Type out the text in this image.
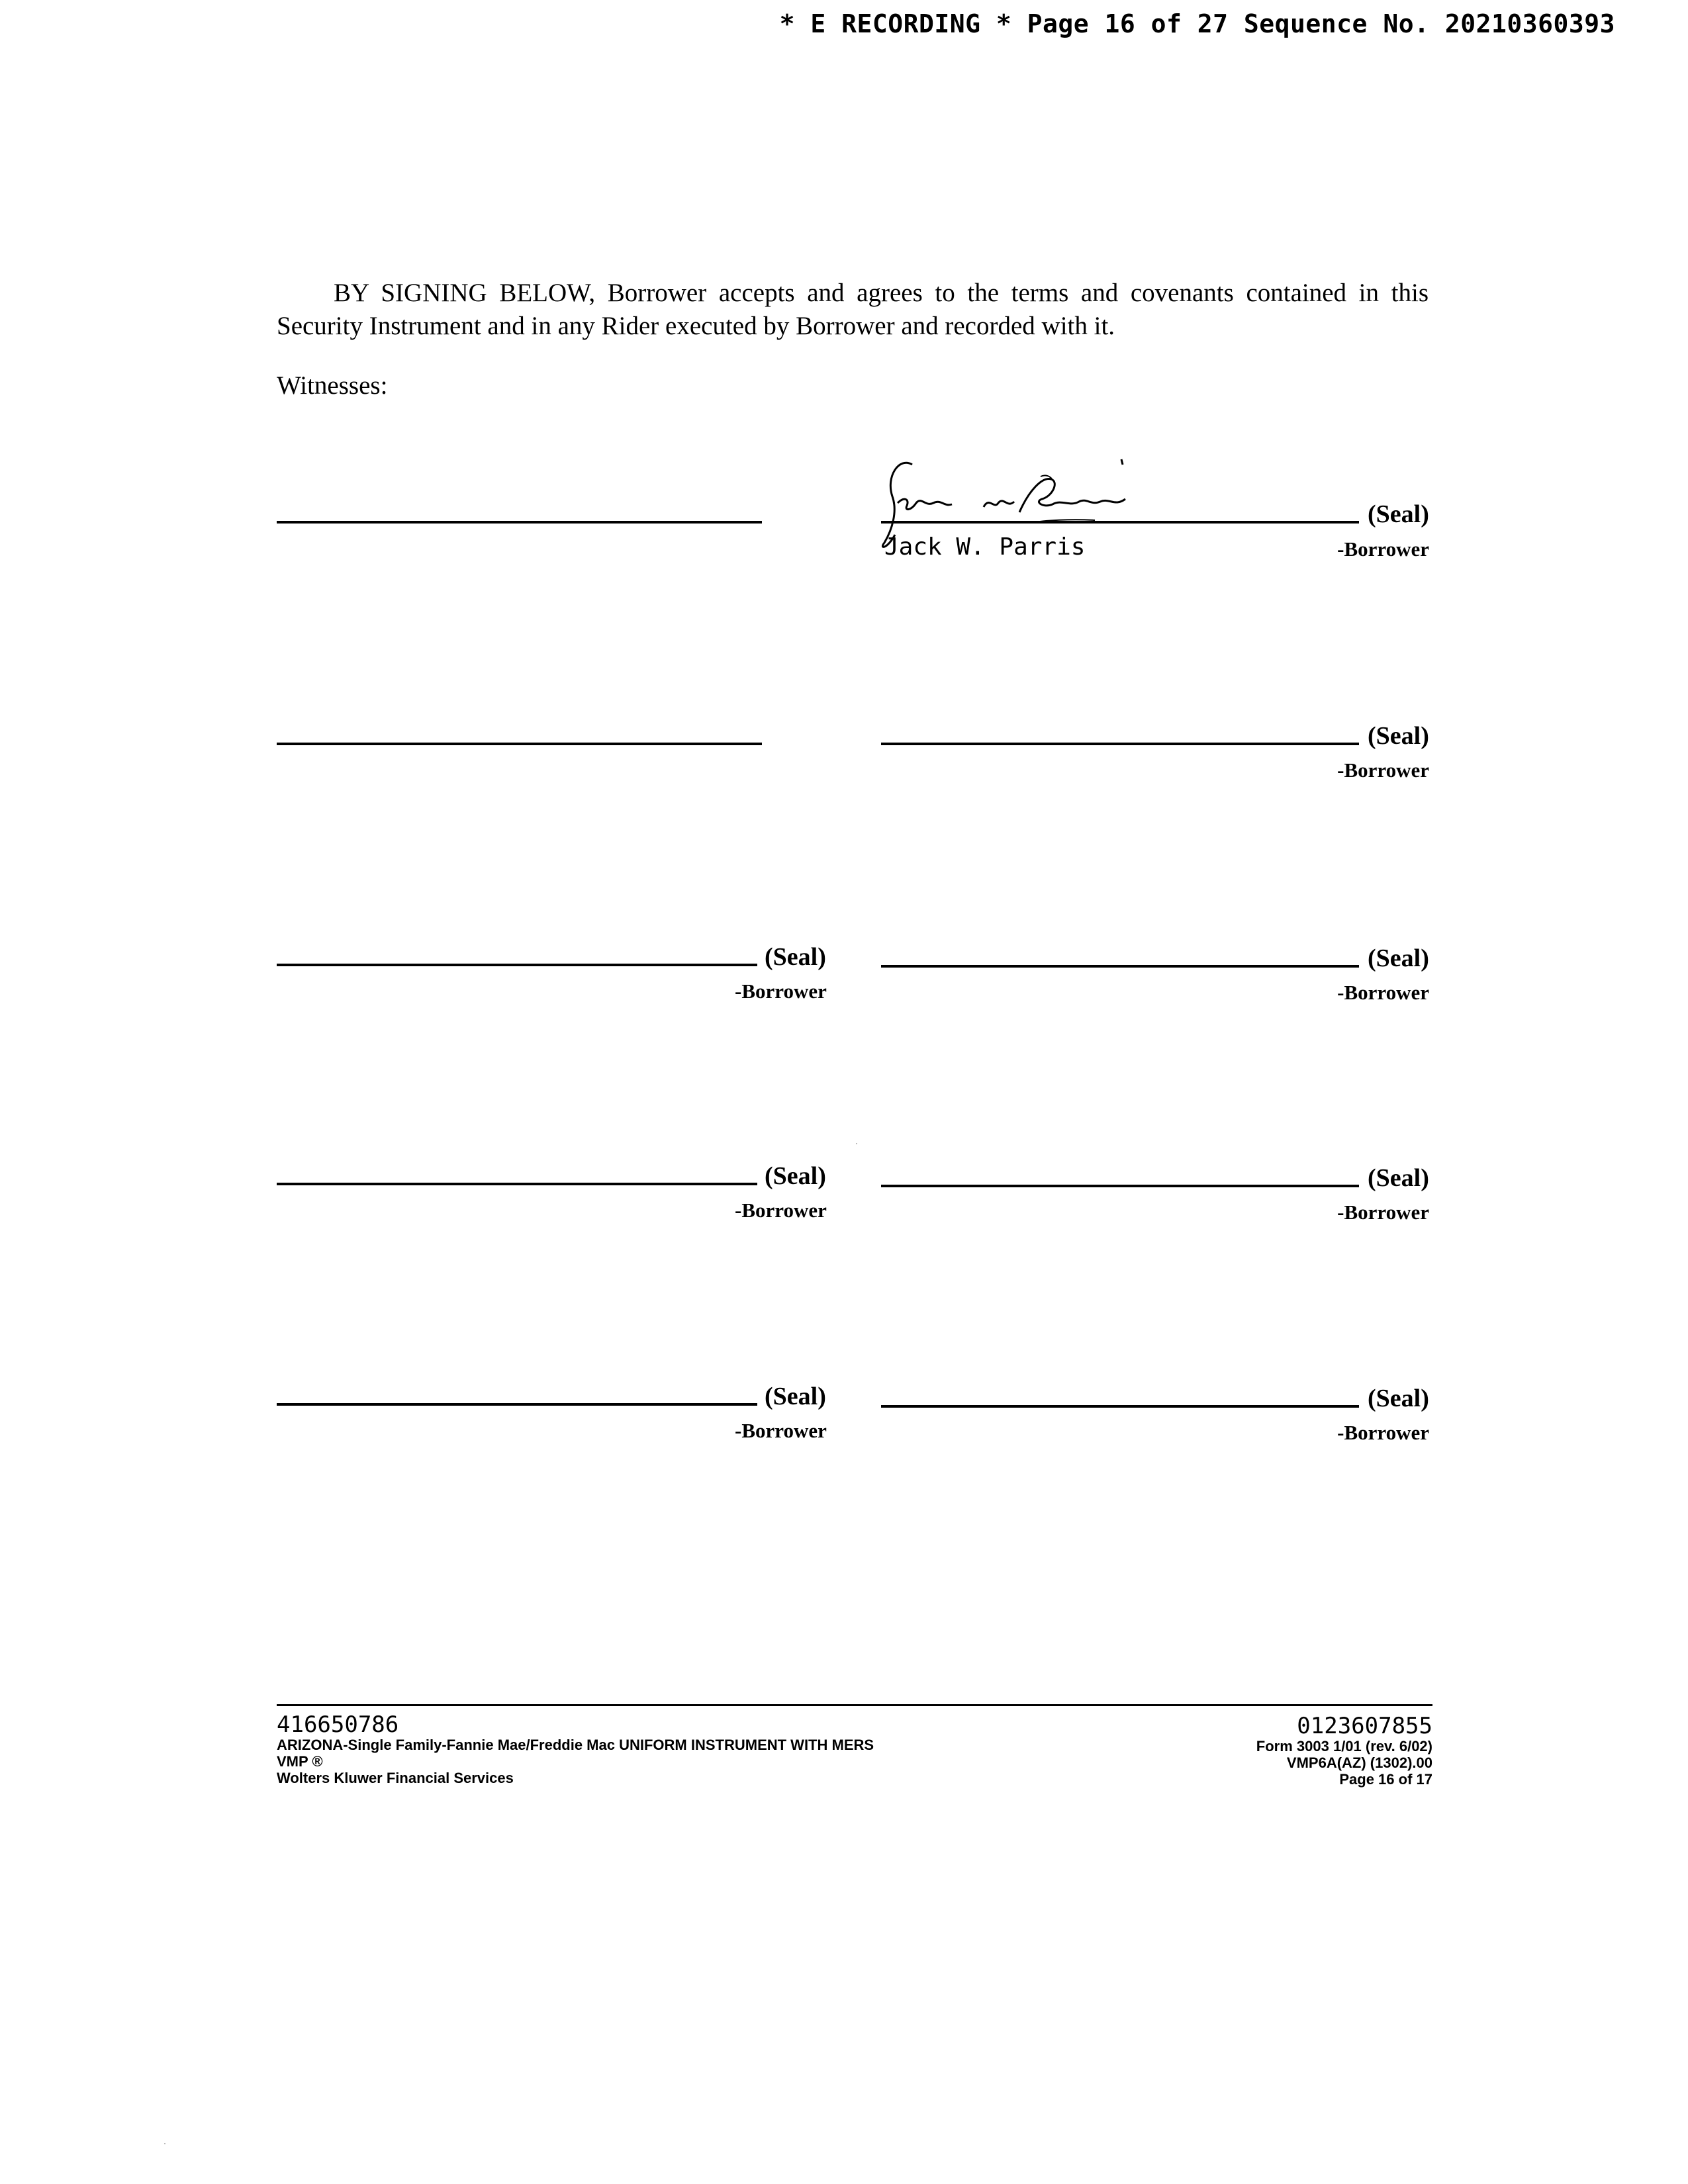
* E RECORDING * Page 16 of 27 Sequence No. 20210360393
BY SIGNING BELOW, Borrower accepts and agrees to the terms and covenants contained in this Security Instrument and in any Rider executed by Borrower and recorded with it.
Witnesses:
(Seal)
Jack W. Parris	-Borrower
(Seal)
-Borrower
(Seal)
-Borrower
(Seal)
-Borrower
(Seal)
-Borrower
(Seal)
-Borrower
(Seal)
-Borrower
(Seal)
-Borrower
416650786
ARIZONA-Single Family-Fannie Mae/Freddie Mac UNIFORM INSTRUMENT WITH MERS
VMP ®
Wolters Kluwer Financial Services
0123607855
Form 3003 1/01 (rev. 6/02)
VMP6A(AZ) (1302).00
Page 16 of 17
